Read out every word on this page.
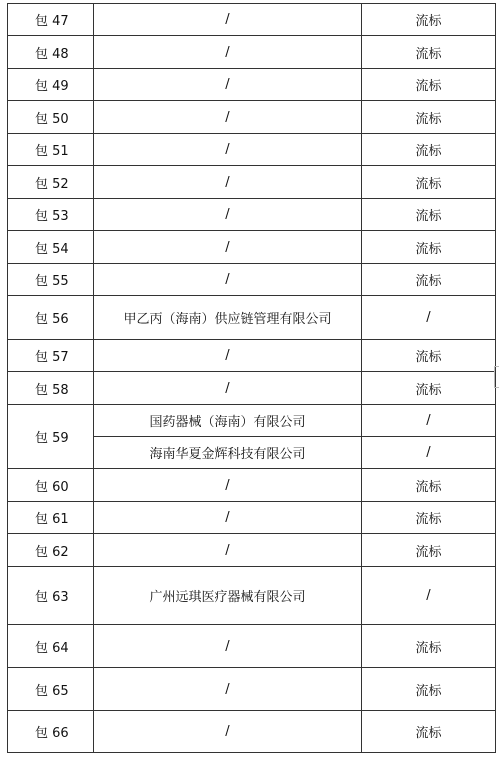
包 47	/	流标
包 48	/	流标
包 49	/	流标
包 50	/	流标
包 51	/	流标
包 52	/	流标
包 53	/	流标
包 54	/	流标
包 55	/	流标
包 56	甲乙丙（海南）供应链管理有限公司	/
包 57	/	流标
包 58	/	流标
包 59	国药器械（海南）有限公司	/
	海南华夏金辉科技有限公司	/
包 60	/	流标
包 61	/	流标
包 62	/	流标
包 63	广州远琪医疗器械有限公司	/
包 64	/	流标
包 65	/	流标
包 66	/	流标
